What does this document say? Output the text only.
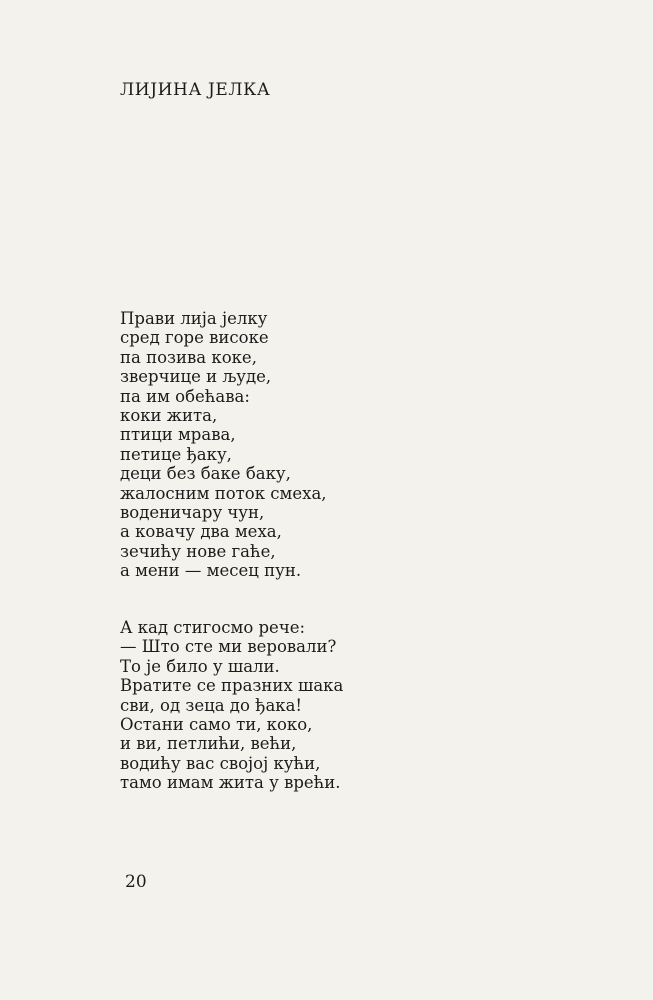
ЛИЈИНА ЈЕЛКА
Прави лија јелку
сред горе високе
па позива коке,
зверчице и људе,
па им обећава:
коки жита,
птици мрава,
петице ђаку,
деци без баке баку,
жалосним поток смеха,
воденичару чун,
а ковачу два меха,
зечићу нове гаће,
а мени — месец пун.
А кад стигосмо рече:
— Што сте ми веровали?
То је било у шали.
Вратите се празних шака
сви, од зеца до ђака!
Остани само ти, коко,
и ви, петлићи, већи,
водићу вас својој кући,
тамо имам жита у врећи.
20
